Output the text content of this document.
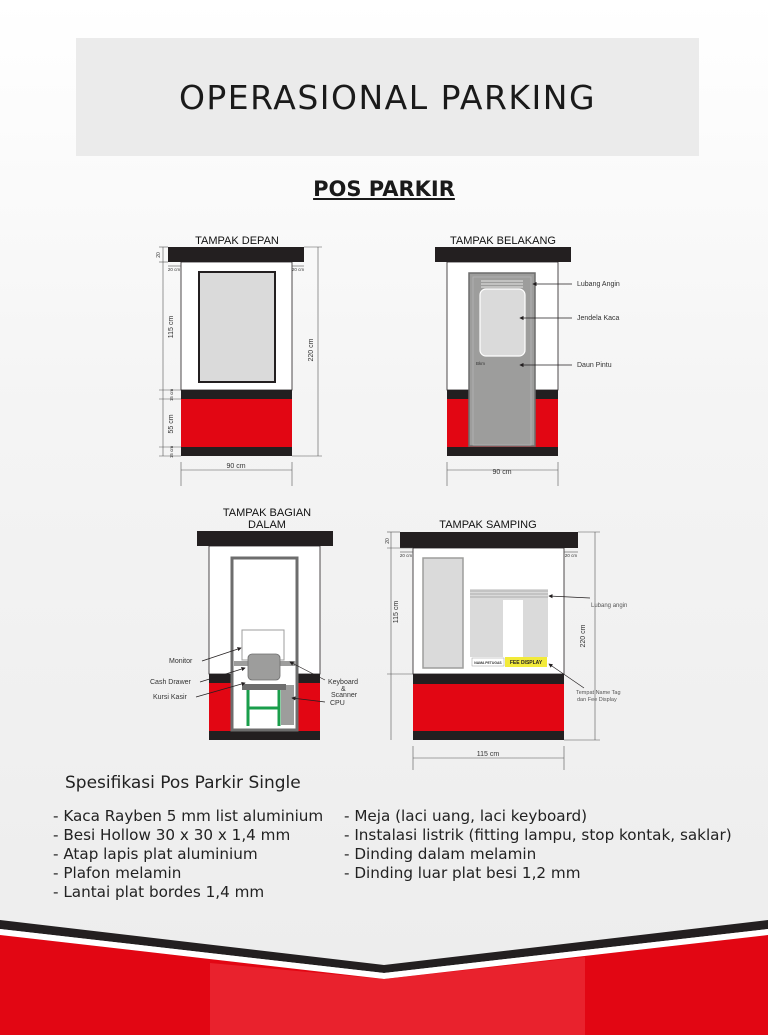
OPERASIONAL PARKING
POS PARKIR
TAMPAK DEPAN
20
20 cm	20 cm
115 cm
220 cm
15 cm
55 cm
15 cm
90 cm
TAMPAK BELAKANG
Bkm
Lubang Angin
Jendela Kaca
Daun Pintu
90 cm
TAMPAK BAGIAN
DALAM
Monitor
Cash Drawer
Kursi Kasir
Keyboard
&
Scanner
CPU
TAMPAK SAMPING
NAMA PETUGAS FEE DISPLAY
Lubang angin
Tempat Name Tag
dan Fee Display
20
20 cm	20 cm
115 cm
220 cm
115 cm
Spesifikasi Pos Parkir Single
- Kaca Rayben 5 mm list aluminium
- Besi Hollow 30 x 30 x 1,4 mm
- Atap lapis plat aluminium
- Plafon melamin
- Lantai plat bordes 1,4 mm
- Meja (laci uang, laci keyboard)
- Instalasi listrik (fitting lampu, stop kontak, saklar)
- Dinding dalam melamin
- Dinding luar plat besi 1,2 mm
